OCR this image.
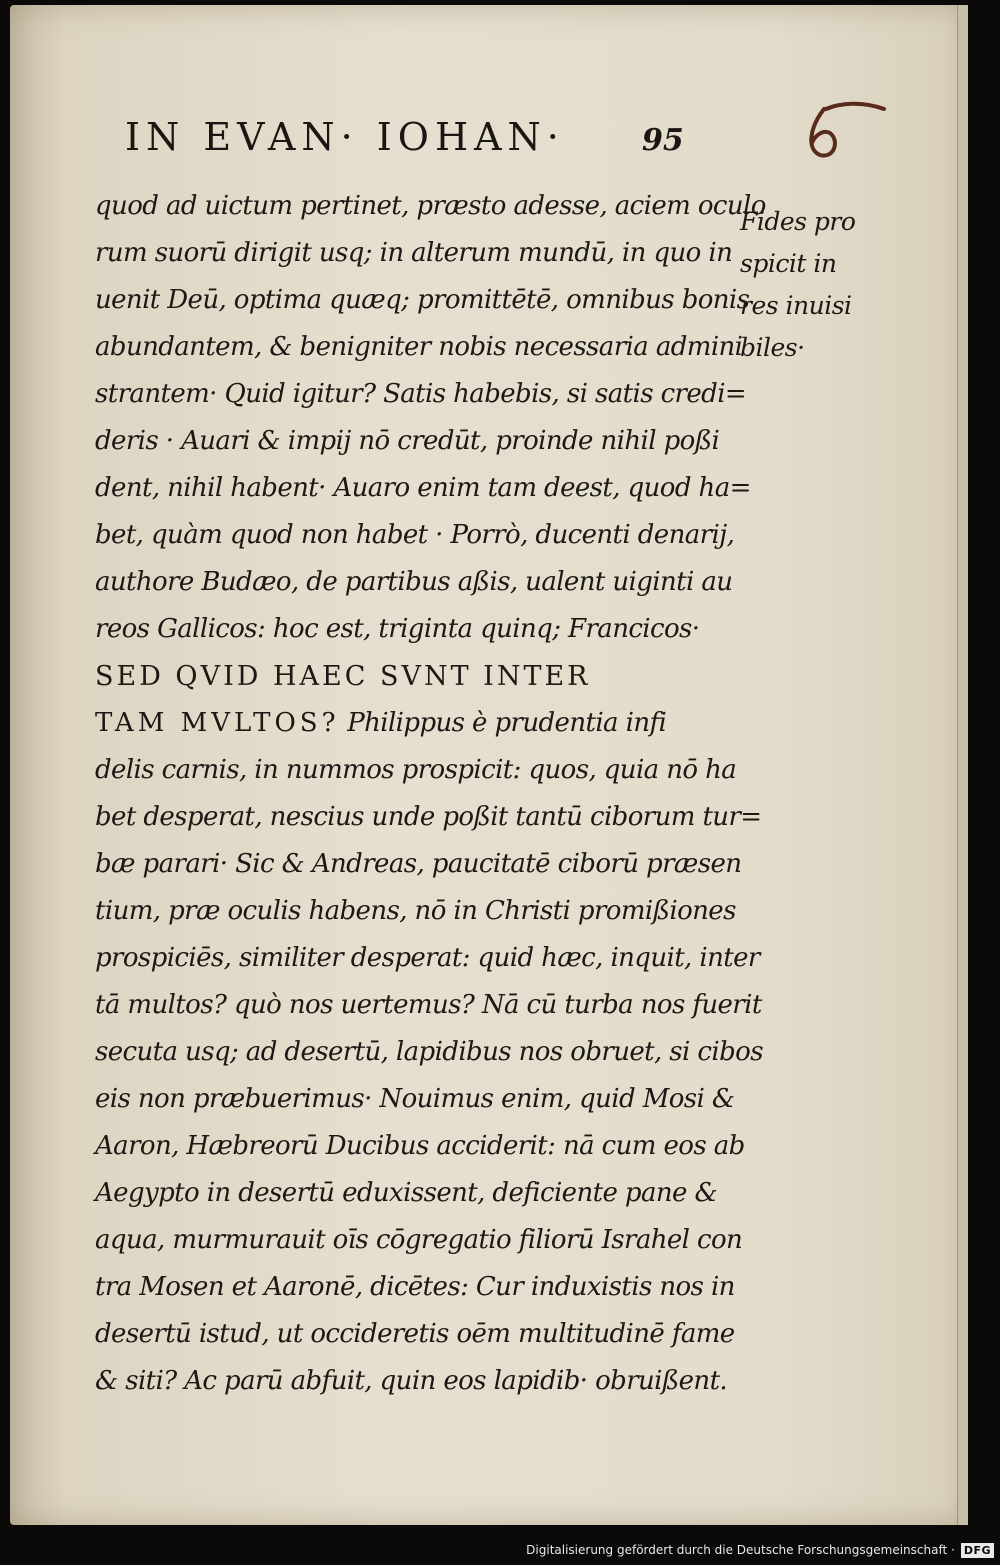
IN EVAN· IOHAN·	95
quod ad uictum pertinet, præsto adesse, aciem oculo
rum suorū dirigit usq; in alterum mundū, in quo in
uenit Deū, optima quæq; promittētē, omnibus bonis
abundantem, & benigniter nobis necessaria admini
strantem· Quid igitur? Satis habebis, si satis credi=
deris · Auari & impij nō credūt, proinde nihil poßi
dent, nihil habent· Auaro enim tam deest, quod ha=
bet, quàm quod non habet · Porrò, ducenti denarij,
authore Budæo, de partibus aßis, ualent uiginti au
reos Gallicos: hoc est, triginta quinq; Francicos·
SED QVID HAEC SVNT INTER
TAM MVLTOS? Philippus è prudentia infi
delis carnis, in nummos prospicit: quos, quia nō ha
bet desperat, nescius unde poßit tantū ciborum tur=
bæ parari· Sic & Andreas, paucitatē ciborū præsen
tium, præ oculis habens, nō in Christi promißiones
prospiciēs, similiter desperat: quid hæc, inquit, inter
tā multos? quò nos uertemus? Nā cū turba nos fuerit
secuta usq; ad desertū, lapidibus nos obruet, si cibos
eis non præbuerimus· Nouimus enim, quid Mosi &
Aaron, Hæbreorū Ducibus acciderit: nā cum eos ab
Aegypto in desertū eduxissent, deficiente pane &
aqua, murmurauit oīs cōgregatio filiorū Israhel con
tra Mosen et Aaronē, dicētes: Cur induxistis nos in
desertū istud, ut occideretis oēm multitudinē fame
& siti? Ac parū abfuit, quin eos lapidib· obruißent.
Fides pro
spicit in
res inuisi
biles·
Digitalisierung gefördert durch die Deutsche Forschungsgemeinschaft · DFG
